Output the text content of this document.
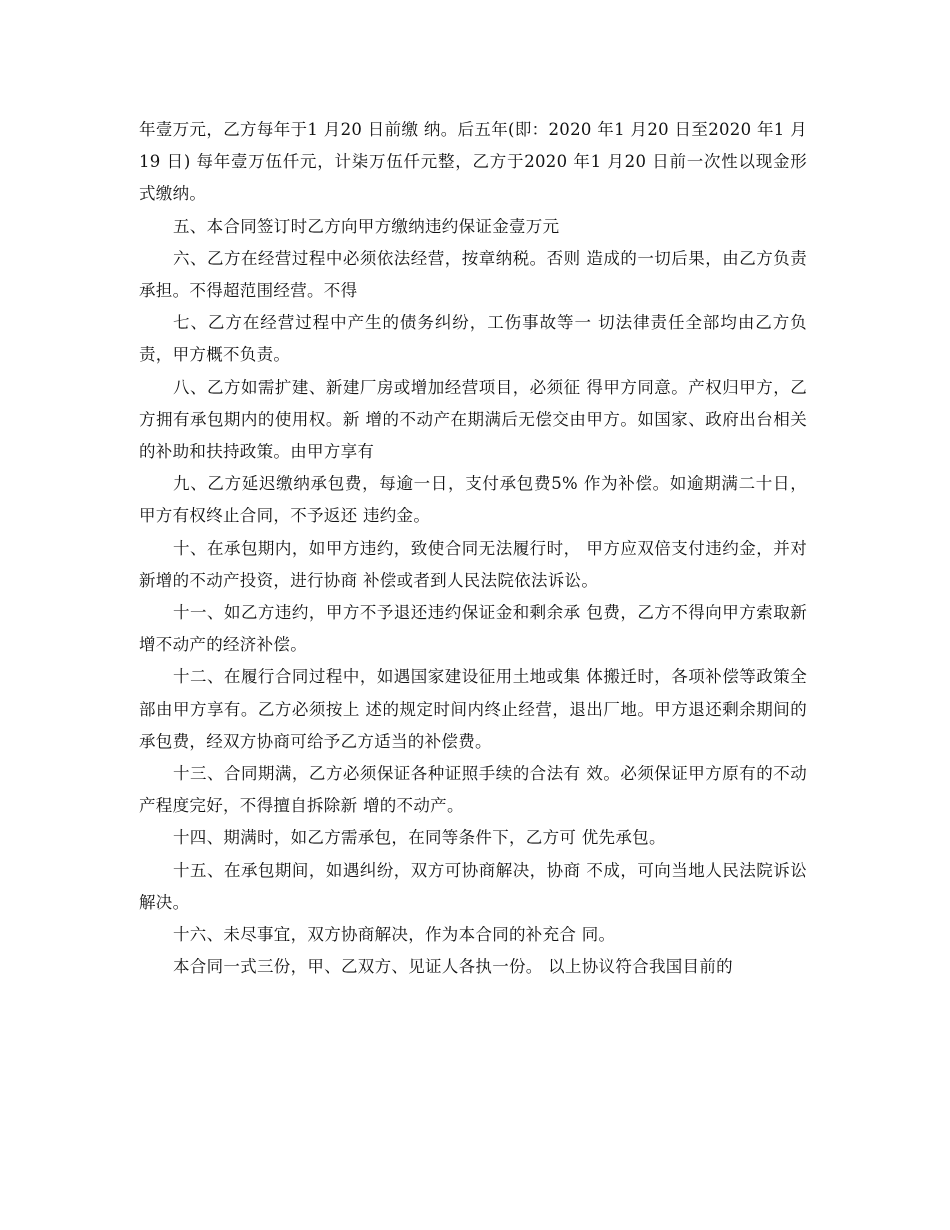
年壹万元，乙方每年于1 月20 日前缴 纳。后五年(即：2020 年1 月20 日至2020 年1 月19 日) 每年壹万伍仟元，计柒万伍仟元整，乙方于2020 年1 月20 日前一次性以现金形式缴纳。

五、本合同签订时乙方向甲方缴纳违约保证金壹万元

六、乙方在经营过程中必须依法经营，按章纳税。否则 造成的一切后果，由乙方负责承担。不得超范围经营。不得

七、乙方在经营过程中产生的债务纠纷，工伤事故等一 切法律责任全部均由乙方负责，甲方概不负责。

八、乙方如需扩建、新建厂房或增加经营项目，必须征 得甲方同意。产权归甲方，乙方拥有承包期内的使用权。新 增的不动产在期满后无偿交由甲方。如国家、政府出台相关 的补助和扶持政策。由甲方享有

九、乙方延迟缴纳承包费，每逾一日，支付承包费5% 作为补偿。如逾期满二十日，甲方有权终止合同，不予返还 违约金。

十、在承包期内，如甲方违约，致使合同无法履行时， 甲方应双倍支付违约金，并对新增的不动产投资，进行协商 补偿或者到人民法院依法诉讼。

十一、如乙方违约，甲方不予退还违约保证金和剩余承 包费，乙方不得向甲方索取新增不动产的经济补偿。

十二、在履行合同过程中，如遇国家建设征用土地或集 体搬迁时，各项补偿等政策全部由甲方享有。乙方必须按上 述的规定时间内终止经营，退出厂地。甲方退还剩余期间的 承包费，经双方协商可给予乙方适当的补偿费。

十三、合同期满，乙方必须保证各种证照手续的合法有 效。必须保证甲方原有的不动产程度完好，不得擅自拆除新 增的不动产。

十四、期满时，如乙方需承包，在同等条件下，乙方可 优先承包。

十五、在承包期间，如遇纠纷，双方可协商解决，协商 不成，可向当地人民法院诉讼解决。

十六、未尽事宜，双方协商解决，作为本合同的补充合 同。

本合同一式三份，甲、乙双方、见证人各执一份。 以上协议符合我国目前的
